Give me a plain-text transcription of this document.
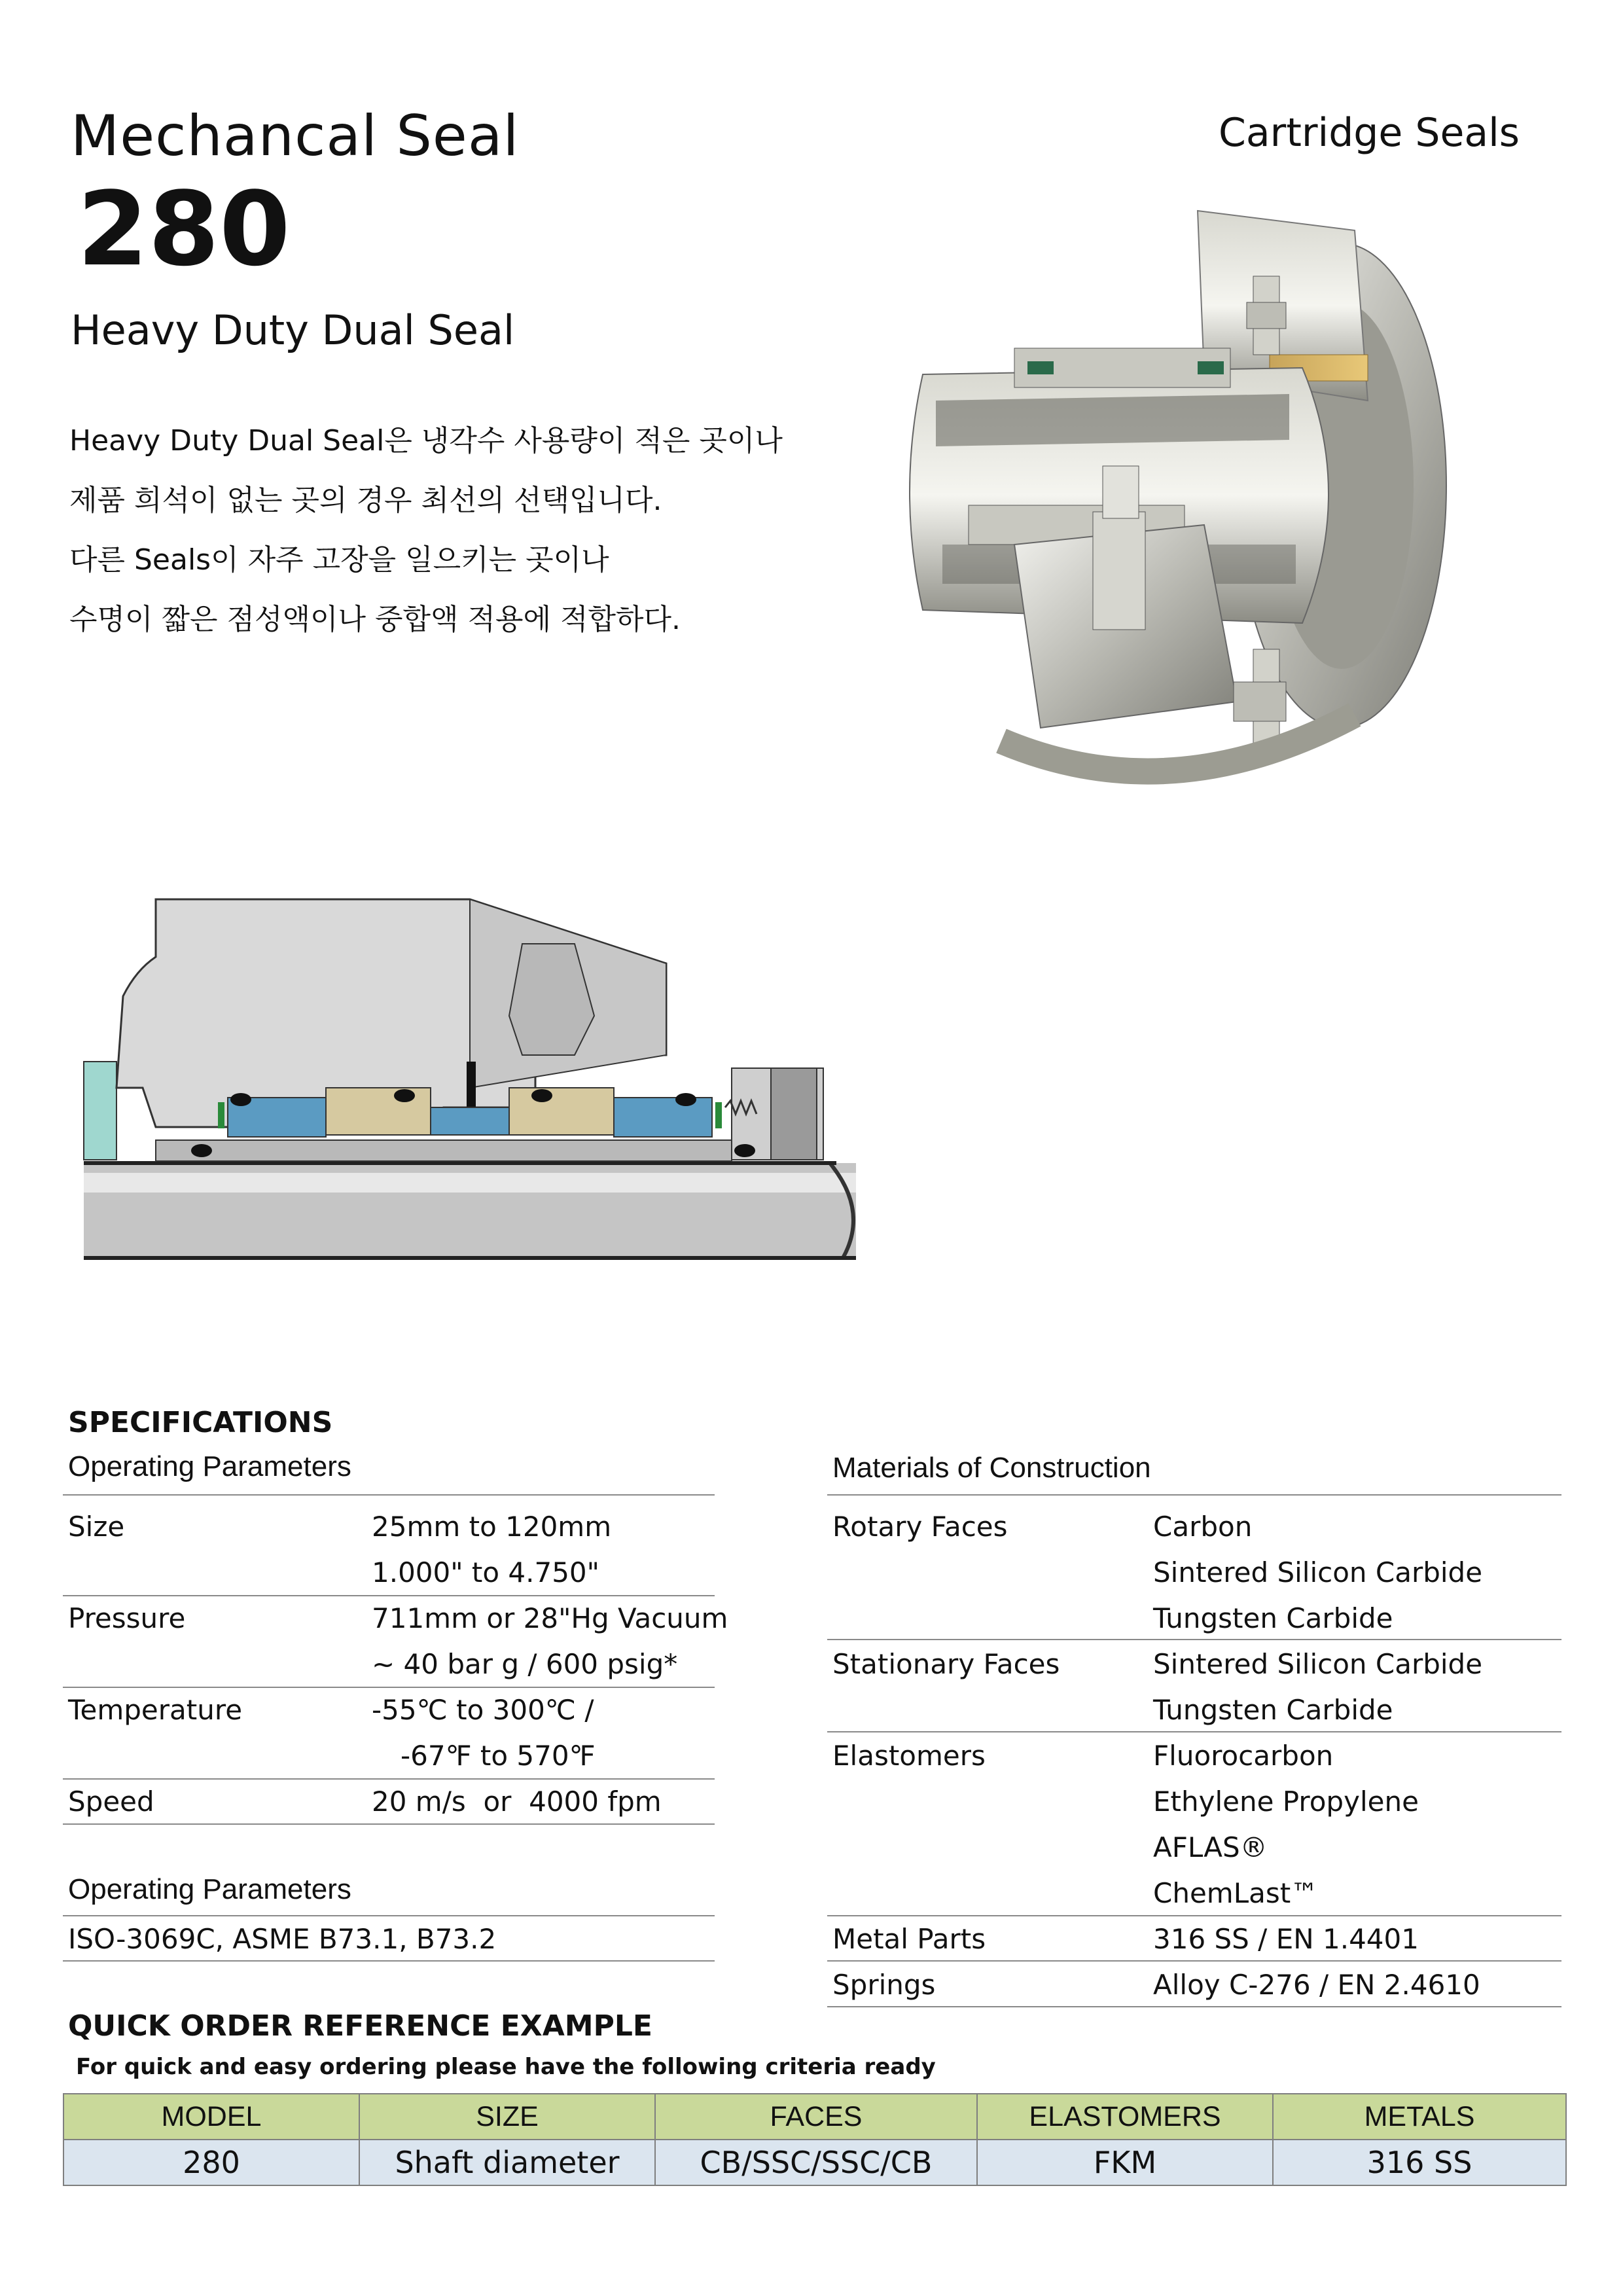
Mechancal Seal
280
Heavy Duty Dual Seal
Cartridge Seals
Heavy Duty Dual Seal은 냉각수 사용량이 적은 곳이나
제품 희석이 없는 곳의 경우 최선의 선택입니다.
다른 Seals이 자주 고장을 일으키는 곳이나
수명이 짧은 점성액이나 중합액 적용에 적합하다.
SPECIFICATIONS
Operating Parameters
Size	25mm to 120mm
1.000" to 4.750"
Pressure	711mm or 28"Hg Vacuum
~ 40 bar g / 600 psig*
Temperature	-55℃ to 300℃ /
-67℉ to 570℉
Speed	20 m/s  or  4000 fpm
Operating Parameters
ISO-3069C, ASME B73.1, B73.2
Materials of Construction
Rotary Faces	Carbon
Sintered Silicon Carbide
Tungsten Carbide
Stationary Faces	Sintered Silicon Carbide
Tungsten Carbide
Elastomers	Fluorocarbon
Ethylene Propylene
AFLAS®
ChemLast™
Metal Parts	316 SS / EN 1.4401
Springs	Alloy C-276 / EN 2.4610
QUICK ORDER REFERENCE EXAMPLE
For quick and easy ordering please have the following criteria ready
MODEL	SIZE	FACES	ELASTOMERS	METALS
280	Shaft diameter	CB/SSC/SSC/CB	FKM	316 SS
